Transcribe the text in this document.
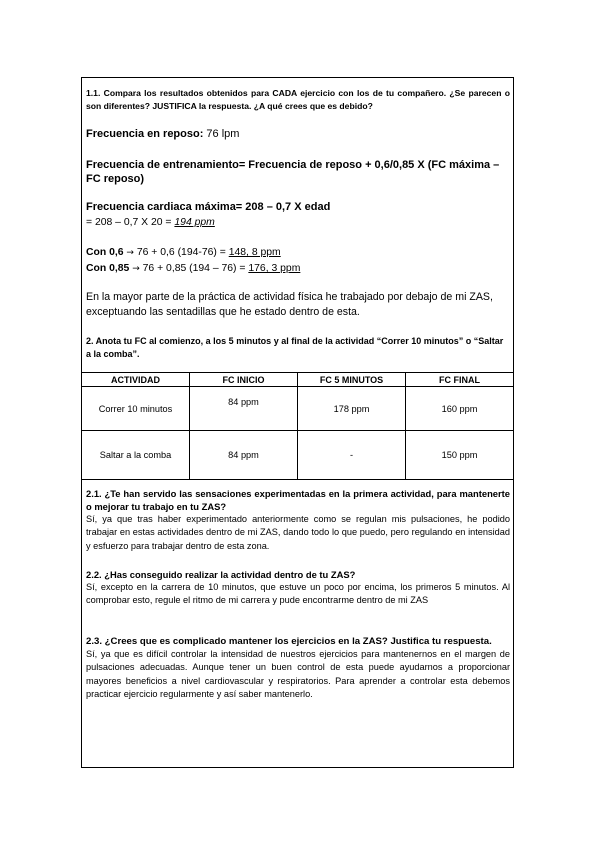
1.1. Compara los resultados obtenidos para CADA ejercicio con los de tu compañero. ¿Se parecen o son diferentes? JUSTIFICA la respuesta. ¿A qué crees que es debido?
Frecuencia en reposo: 76 lpm
Frecuencia de entrenamiento= Frecuencia de reposo + 0,6/0,85 X (FC máxima – FC reposo)
Frecuencia cardiaca máxima= 208 – 0,7 X edad
= 208 – 0,7 X 20 = 194 ppm
Con 0,6 → 76 + 0,6 (194-76) = 148, 8 ppm
Con 0,85 → 76 + 0,85 (194 – 76) = 176, 3 ppm
En la mayor parte de la práctica de actividad física he trabajado por debajo de mi ZAS, exceptuando las sentadillas que he estado dentro de esta.
2. Anota tu FC al comienzo, a los 5 minutos y al final de la actividad “Correr 10 minutos” o “Saltar a la comba”.
ACTIVIDAD	FC INICIO	FC 5 MINUTOS	FC FINAL
Correr 10 minutos	84 ppm	178 ppm	160 ppm
Saltar a la comba	84 ppm	-	150 ppm
2.1. ¿Te han servido las sensaciones experimentadas en la primera actividad, para mantenerte o mejorar tu trabajo en tu ZAS?
Sí, ya que tras haber experimentado anteriormente como se regulan mis pulsaciones, he podido trabajar en estas actividades dentro de mi ZAS, dando todo lo que puedo, pero regulando en intensidad y esfuerzo para trabajar dentro de esta zona.
2.2. ¿Has conseguido realizar la actividad dentro de tu ZAS?
Sí, excepto en la carrera de 10 minutos, que estuve un poco por encima, los primeros 5 minutos. Al comprobar esto, regule el ritmo de mi carrera y pude encontrarme dentro de mi ZAS
2.3. ¿Crees que es complicado mantener los ejercicios en la ZAS? Justifica tu respuesta.
Sí, ya que es difícil controlar la intensidad de nuestros ejercicios para mantenernos en el margen de pulsaciones adecuadas. Aunque tener un buen control de esta puede ayudarnos a proporcionar mayores beneficios a nivel cardiovascular y respiratorios. Para aprender a controlar esta debemos practicar ejercicio regularmente y así saber mantenerlo.
